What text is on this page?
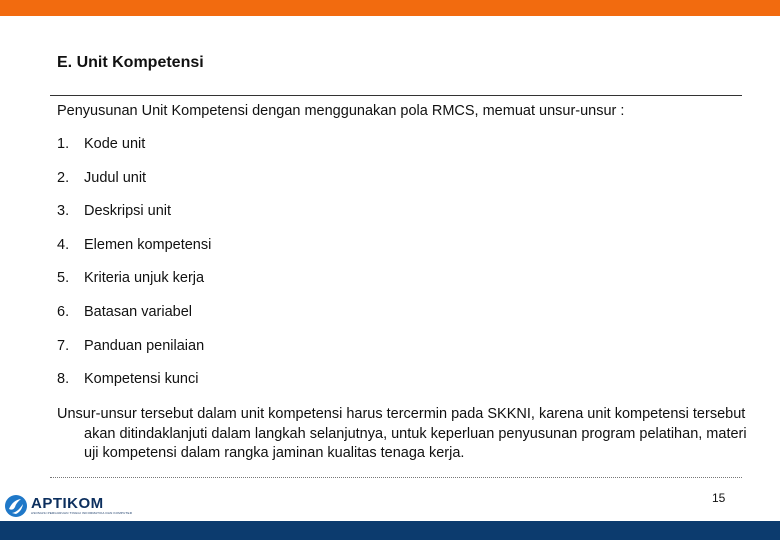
E. Unit Kompetensi
Penyusunan Unit Kompetensi dengan menggunakan pola RMCS, memuat unsur-unsur :
1. Kode unit
2. Judul unit
3. Deskripsi unit
4. Elemen kompetensi
5. Kriteria unjuk kerja
6. Batasan variabel
7. Panduan penilaian
8. Kompetensi kunci
Unsur-unsur tersebut dalam unit kompetensi harus tercermin pada SKKNI, karena unit kompetensi tersebut akan ditindaklanjuti dalam langkah selanjutnya, untuk keperluan penyusunan program pelatihan, materi uji kompetensi dalam rangka jaminan kualitas tenaga kerja.
APTIKOM
ASOSIASI PERGURUAN TINGGI INFORMATIKA DAN KOMPUTER
15
